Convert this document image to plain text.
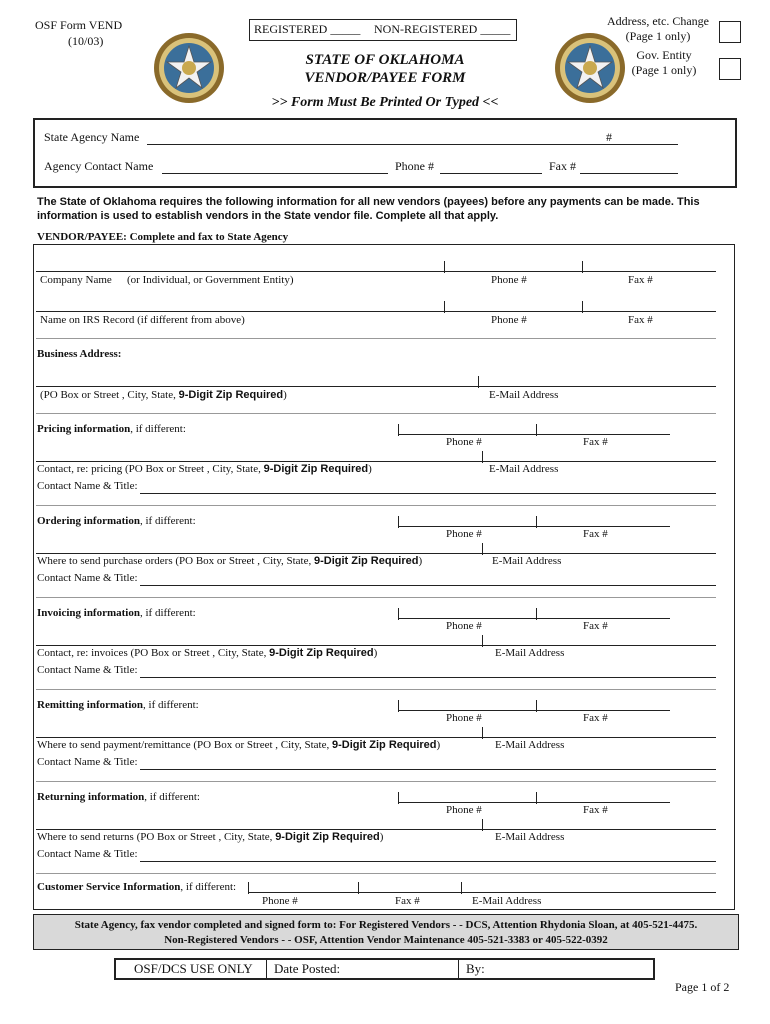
OSF Form VEND
(10/03)
REGISTERED _____ NON-REGISTERED _____
STATE OF OKLAHOMA
VENDOR/PAYEE FORM
>> Form Must Be Printed Or Typed <<
Address, etc. Change
(Page 1 only)
Gov. Entity
(Page 1 only)
State Agency Name	#
Agency Contact Name	Phone #	Fax #
The State of Oklahoma requires the following information for all new vendors (payees) before any payments can be made. This information is used to establish vendors in the State vendor file. Complete all that apply.
VENDOR/PAYEE: Complete and fax to State Agency
Company Name (or Individual, or Government Entity)	Phone #	Fax #
Name on IRS Record (if different from above)	Phone #	Fax #
Business Address:
(PO Box or Street , City, State, 9-Digit Zip Required)	E-Mail Address
Pricing information, if different:
Phone #	Fax #
Contact, re: pricing (PO Box or Street , City, State, 9-Digit Zip Required)	E-Mail Address
Contact Name & Title:
Ordering information, if different:
Phone #	Fax #
Where to send purchase orders (PO Box or Street , City, State, 9-Digit Zip Required)	E-Mail Address
Contact Name & Title:
Invoicing information, if different:
Phone #	Fax #
Contact, re: invoices (PO Box or Street , City, State, 9-Digit Zip Required)	E-Mail Address
Contact Name & Title:
Remitting information, if different:
Phone #	Fax #
Where to send payment/remittance (PO Box or Street , City, State, 9-Digit Zip Required)	E-Mail Address
Contact Name & Title:
Returning information, if different:
Phone #	Fax #
Where to send returns (PO Box or Street , City, State, 9-Digit Zip Required)	E-Mail Address
Contact Name & Title:
Customer Service Information, if different:
Phone #	Fax #	E-Mail Address
State Agency, fax vendor completed and signed form to: For Registered Vendors - - DCS, Attention Rhydonia Sloan, at 405-521-4475.
Non-Registered Vendors - - OSF, Attention Vendor Maintenance 405-521-3383 or 405-522-0392
OSF/DCS USE ONLY Date Posted:	By:
Page 1 of 2
